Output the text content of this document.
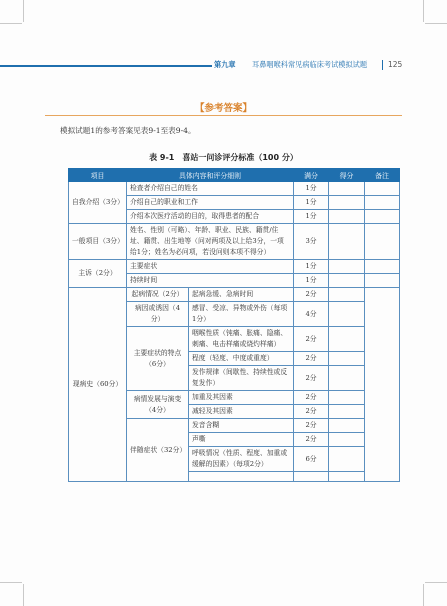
第九章 耳鼻咽喉科常见病临床考试模拟试题	125
【参考答案】
模拟试题1的参考答案见表9-1至表9-4。
表 9-1　喜站一问诊评分标准（100 分）
项目	具体内容和评分细则		满分	得分	备注
自我介绍（3分）	检查者介绍自己的姓名		1分		
	介绍自己的职业和工作		1分		
	介绍本次医疗活动的目的，取得患者的配合		1分		
一般项目（3分）	姓名、性别（可略）、年龄、职业、民族、籍贯/住址、籍贯、出生地等（问对两项及以上给3分，一项给1分；姓名为必问项，若没问则本项不得分）		3分		
主诉（2分）	主要症状		1分		
	持续时间		1分		
现病史（60分）	起病情况（2分）	起病急缓、急病时间	2分		
	病因或诱因（4分）	感冒、受凉、异物或外伤（每项1分）	4分		
	主要症状的特点（6分）	咽喉性质（钝痛、胀痛、隐痛、刺痛、电击样痛或烧灼样痛）	2分		
		程度（轻度、中度或重度）	2分		
		发作规律（间歇性、持续性或反复发作）	2分		
	病情发展与演变（4分）	加重及其因素	2分		
		减轻及其因素	2分		
	伴随症状（32分）	发音含糊	2分		
		声嘶	2分		
		呼吸情况（性质、程度、加重或缓解的因素）（每项2分）	6分		
